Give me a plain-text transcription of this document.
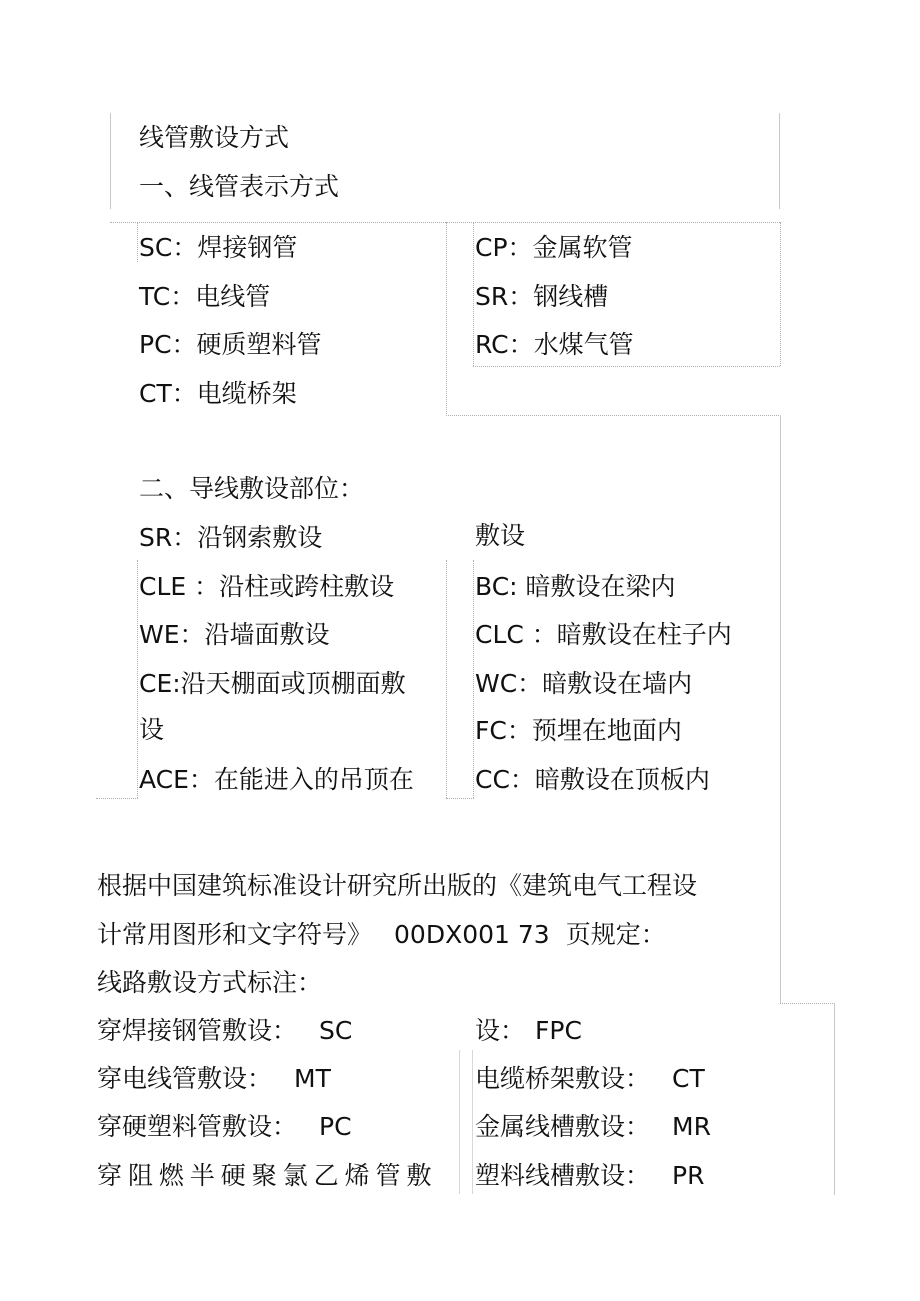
线管敷设方式
一、线管表示方式
SC：焊接钢管
TC：电线管
PC：硬质塑料管
CT：电缆桥架
CP：金属软管
SR：钢线槽
RC：水煤气管
二、导线敷设部位：
SR：沿钢索敷设
CLE ：沿柱或跨柱敷设
WE：沿墙面敷设
CE:沿天棚面或顶棚面敷
设
ACE：在能进入的吊顶在
敷设
BC: 暗敷设在梁内
CLC ：暗敷设在柱子内
WC：暗敷设在墙内
FC：预埋在地面内
CC：暗敷设在顶板内
根据中国建筑标准设计研究所出版的《建筑电气工程设
计常用图形和文字符号》 00DX001 73 页规定：
线路敷设方式标注：
穿焊接钢管敷设： SC
穿电线管敷设： MT
穿硬塑料管敷设： PC
穿 阻 燃 半 硬 聚 氯 乙 烯 管 敷
设： FPC
电缆桥架敷设： CT
金属线槽敷设： MR
塑料线槽敷设： PR
